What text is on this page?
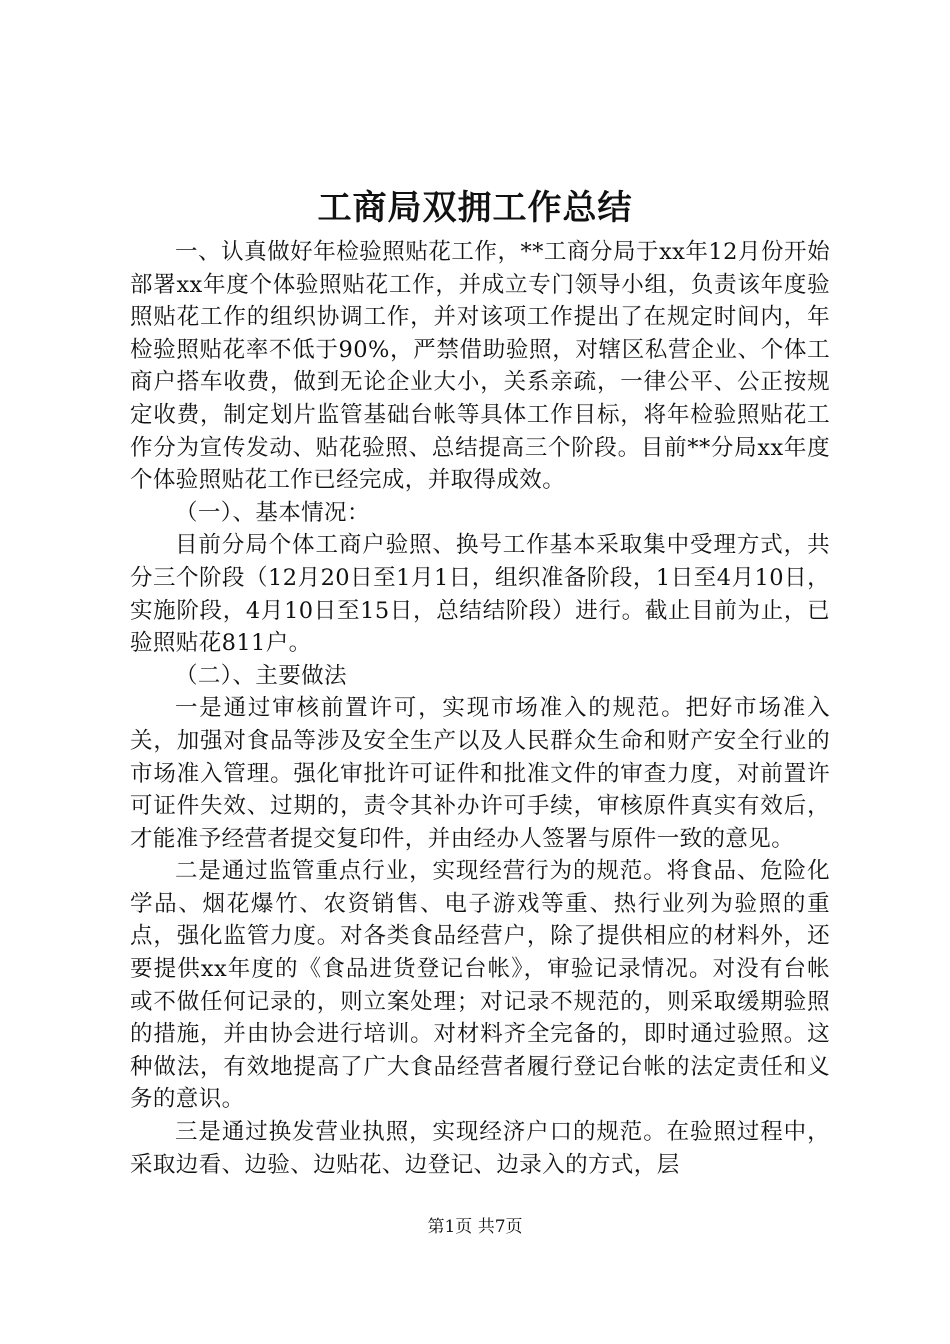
工商局双拥工作总结

一、认真做好年检验照贴花工作，**工商分局于xx年12月份开始部署xx年度个体验照贴花工作，并成立专门领导小组，负责该年度验照贴花工作的组织协调工作，并对该项工作提出了在规定时间内，年检验照贴花率不低于90%，严禁借助验照，对辖区私营企业、个体工商户搭车收费，做到无论企业大小，关系亲疏，一律公平、公正按规定收费，制定划片监管基础台帐等具体工作目标，将年检验照贴花工作分为宣传发动、贴花验照、总结提高三个阶段。目前**分局xx年度个体验照贴花工作已经完成，并取得成效。

（一）、基本情况：

目前分局个体工商户验照、换号工作基本采取集中受理方式，共分三个阶段（12月20日至1月1日，组织准备阶段，1日至4月10日，实施阶段，4月10日至15日，总结结阶段）进行。截止目前为止，已验照贴花811户。

（二）、主要做法

一是通过审核前置许可，实现市场准入的规范。把好市场准入关，加强对食品等涉及安全生产以及人民群众生命和财产安全行业的市场准入管理。强化审批许可证件和批准文件的审查力度，对前置许可证件失效、过期的，责令其补办许可手续，审核原件真实有效后，才能准予经营者提交复印件，并由经办人签署与原件一致的意见。

二是通过监管重点行业，实现经营行为的规范。将食品、危险化学品、烟花爆竹、农资销售、电子游戏等重、热行业列为验照的重点，强化监管力度。对各类食品经营户，除了提供相应的材料外，还要提供xx年度的《食品进货登记台帐》，审验记录情况。对没有台帐或不做任何记录的，则立案处理；对记录不规范的，则采取缓期验照的措施，并由协会进行培训。对材料齐全完备的，即时通过验照。这种做法，有效地提高了广大食品经营者履行登记台帐的法定责任和义务的意识。

三是通过换发营业执照，实现经济户口的规范。在验照过程中，采取边看、边验、边贴花、边登记、边录入的方式，层

第1页 共7页
